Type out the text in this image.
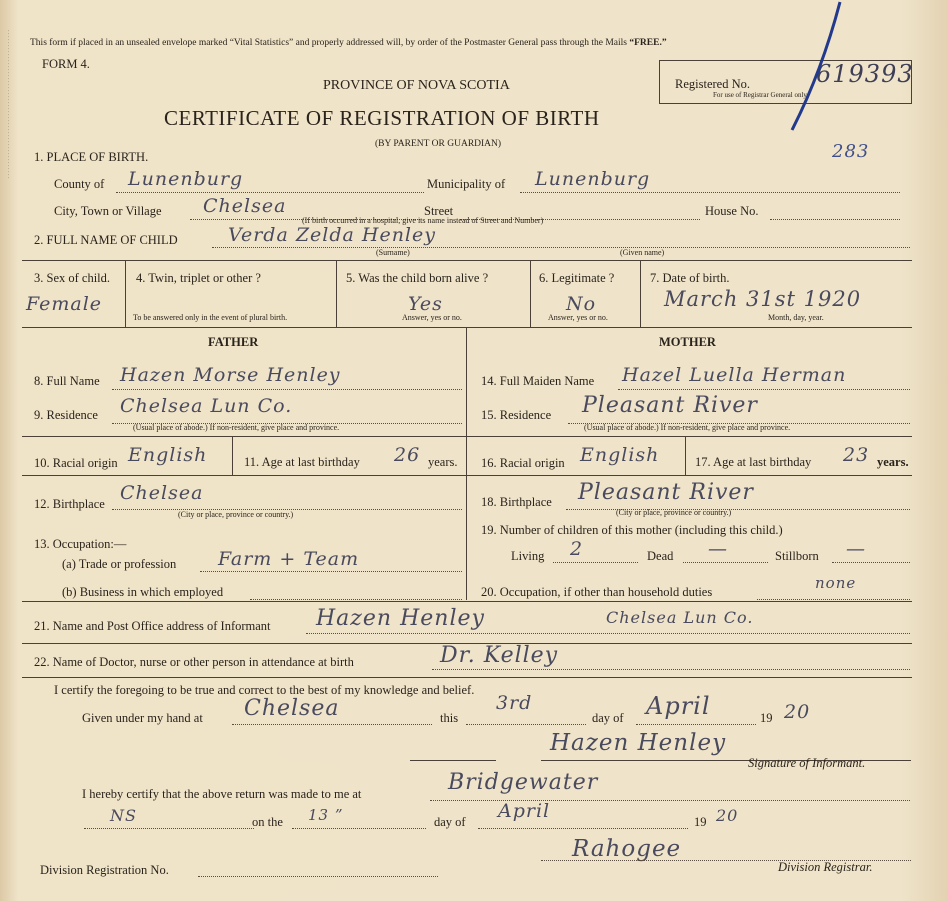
. . . . . . . . . . . . . . . . . . . . . . . . . . . . . . . . . . . . . . . . . . . . . . . . . . This form if placed in an unsealed envelope marked “Vital Statistics” and properly addressed will, by order of the Postmaster General pass through the Mails “FREE.”
FORM 4.
PROVINCE OF NOVA SCOTIA
CERTIFICATE OF REGISTRATION OF BIRTH
(BY PARENT OR GUARDIAN)
Registered No.	619393
For use of Registrar General only.
283
1. PLACE OF BIRTH.
County of Lunenburg	Municipality of Lunenburg
City, Town or Village Chelsea	Street	House No.
(If birth occurred in a hospital, give its name instead of Street and Number)
2. FULL NAME OF CHILD	Verda Zelda Henley
(Surname)	(Given name)
3. Sex of child.
Female
4. Twin, triplet or other ?
To be answered only in the event of plural birth.
5. Was the child born alive ?
Yes
Answer, yes or no.
6. Legitimate ?
No
Answer, yes or no.
7. Date of birth.
March 31st 1920
Month, day, year.
FATHER	MOTHER
8. Full Name Hazen Morse Henley
9. Residence Chelsea Lun Co.
(Usual place of abode.) If non-resident, give place and province.
10. Racial origin English	11. Age at last birthday 26 years.
12. Birthplace Chelsea
(City or place, province or country.)
13. Occupation:—
(a) Trade or profession Farm + Team
(b) Business in which employed
14. Full Maiden Name Hazel Luella Herman
15. Residence Pleasant River
(Usual place of abode.) If non-resident, give place and province.
16. Racial origin English	17. Age at last birthday 23 years.
18. Birthplace Pleasant River
(City or place, province or country.)
19. Number of children of this mother (including this child.)
Living 2	Dead —	Stillborn —
20. Occupation, if other than household duties	none
21. Name and Post Office address of Informant Hazen Henley	Chelsea Lun Co.
22. Name of Doctor, nurse or other person in attendance at birth	Dr. Kelley
I certify the foregoing to be true and correct to the best of my knowledge and belief.
Given under my hand at Chelsea	this
3rd
day of April	19 20
Hazen Henley
Signature of Informant.
I hereby certify that the above return was made to me at	Bridgewater
NS	on the 13 ”	day of April	19 20
Division Registration No.
Rahogee
Division Registrar.
